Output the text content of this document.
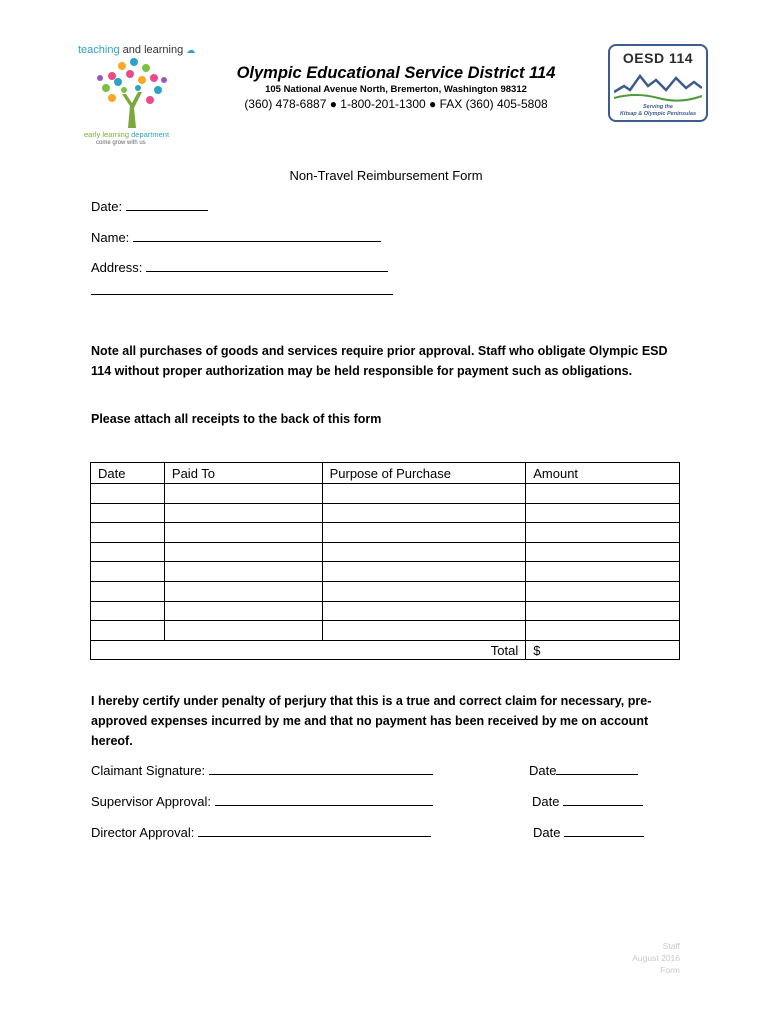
teaching and learning ☁
early learning department
come grow with us
Olympic Educational Service District 114
105 National Avenue North, Bremerton, Washington 98312
(360) 478-6887 ● 1-800-201-1300 ● FAX (360) 405-5808
OESD 114
Serving the
Kitsap & Olympic Peninsulas
Non-Travel Reimbursement Form
Date:
Name:
Address:
Note all purchases of goods and services require prior approval. Staff who obligate Olympic ESD 114 without proper authorization may be held responsible for payment such as obligations.
Please attach all receipts to the back of this form
Date	Paid To	Purpose of Purchase	Amount

		Total	$
I hereby certify under penalty of perjury that this is a true and correct claim for necessary, pre-approved expenses incurred by me and that no payment has been received by me on account hereof.
Claimant Signature:	Date
Supervisor Approval:	Date
Director Approval:	Date
Staff
August 2016
Form
